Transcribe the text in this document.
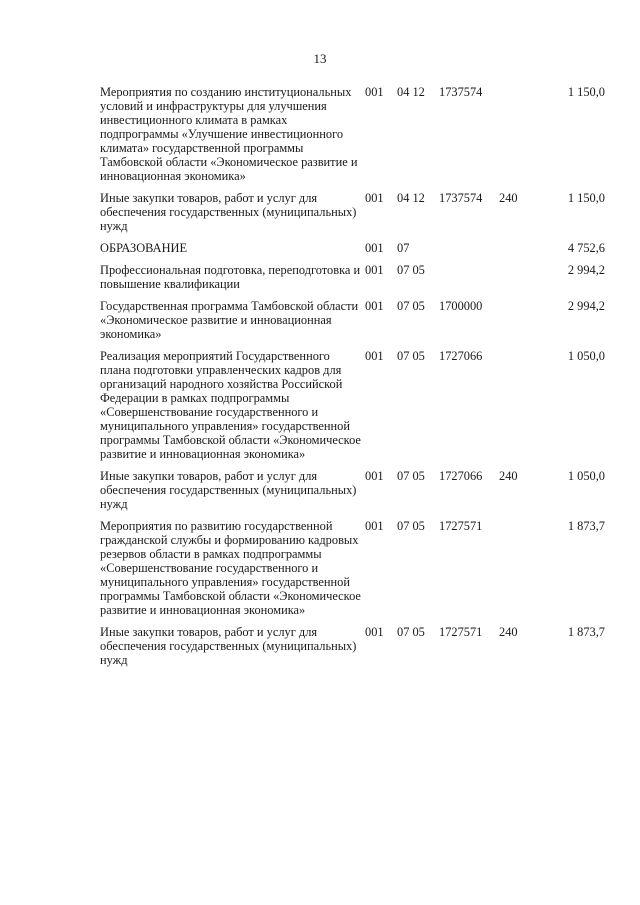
13
Мероприятия по созданию институциональных условий и инфраструктуры для улучшения инвестиционного климата в рамках подпрограммы «Улучшение инвестиционного климата» государственной программы Тамбовской области «Экономическое развитие и инновационная экономика»	001	04 12	1737574		1 150,0

Иные закупки товаров, работ и услуг для обеспечения государственных (муниципальных) нужд	001	04 12	1737574	240	1 150,0

ОБРАЗОВАНИЕ	001	07			4 752,6

Профессиональная подготовка, переподготовка и повышение квалификации	001	07 05			2 994,2

Государственная программа Тамбовской области «Экономическое развитие и инновационная экономика»	001	07 05	1700000		2 994,2

Реализация мероприятий Государственного плана подготовки управленческих кадров для организаций народного хозяйства Российской Федерации в рамках подпрограммы «Совершенствование государственного и муниципального управления» государственной программы Тамбовской области «Экономическое развитие и инновационная экономика»	001	07 05	1727066		1 050,0

Иные закупки товаров, работ и услуг для обеспечения государственных (муниципальных) нужд	001	07 05	1727066	240	1 050,0

Мероприятия по развитию государственной гражданской службы и формированию кадровых резервов области в рамках подпрограммы «Совершенствование государственного и муниципального управления» государственной программы Тамбовской области «Экономическое развитие и инновационная экономика»	001	07 05	1727571		1 873,7

Иные закупки товаров, работ и услуг для обеспечения государственных (муниципальных) нужд	001	07 05	1727571	240	1 873,7
